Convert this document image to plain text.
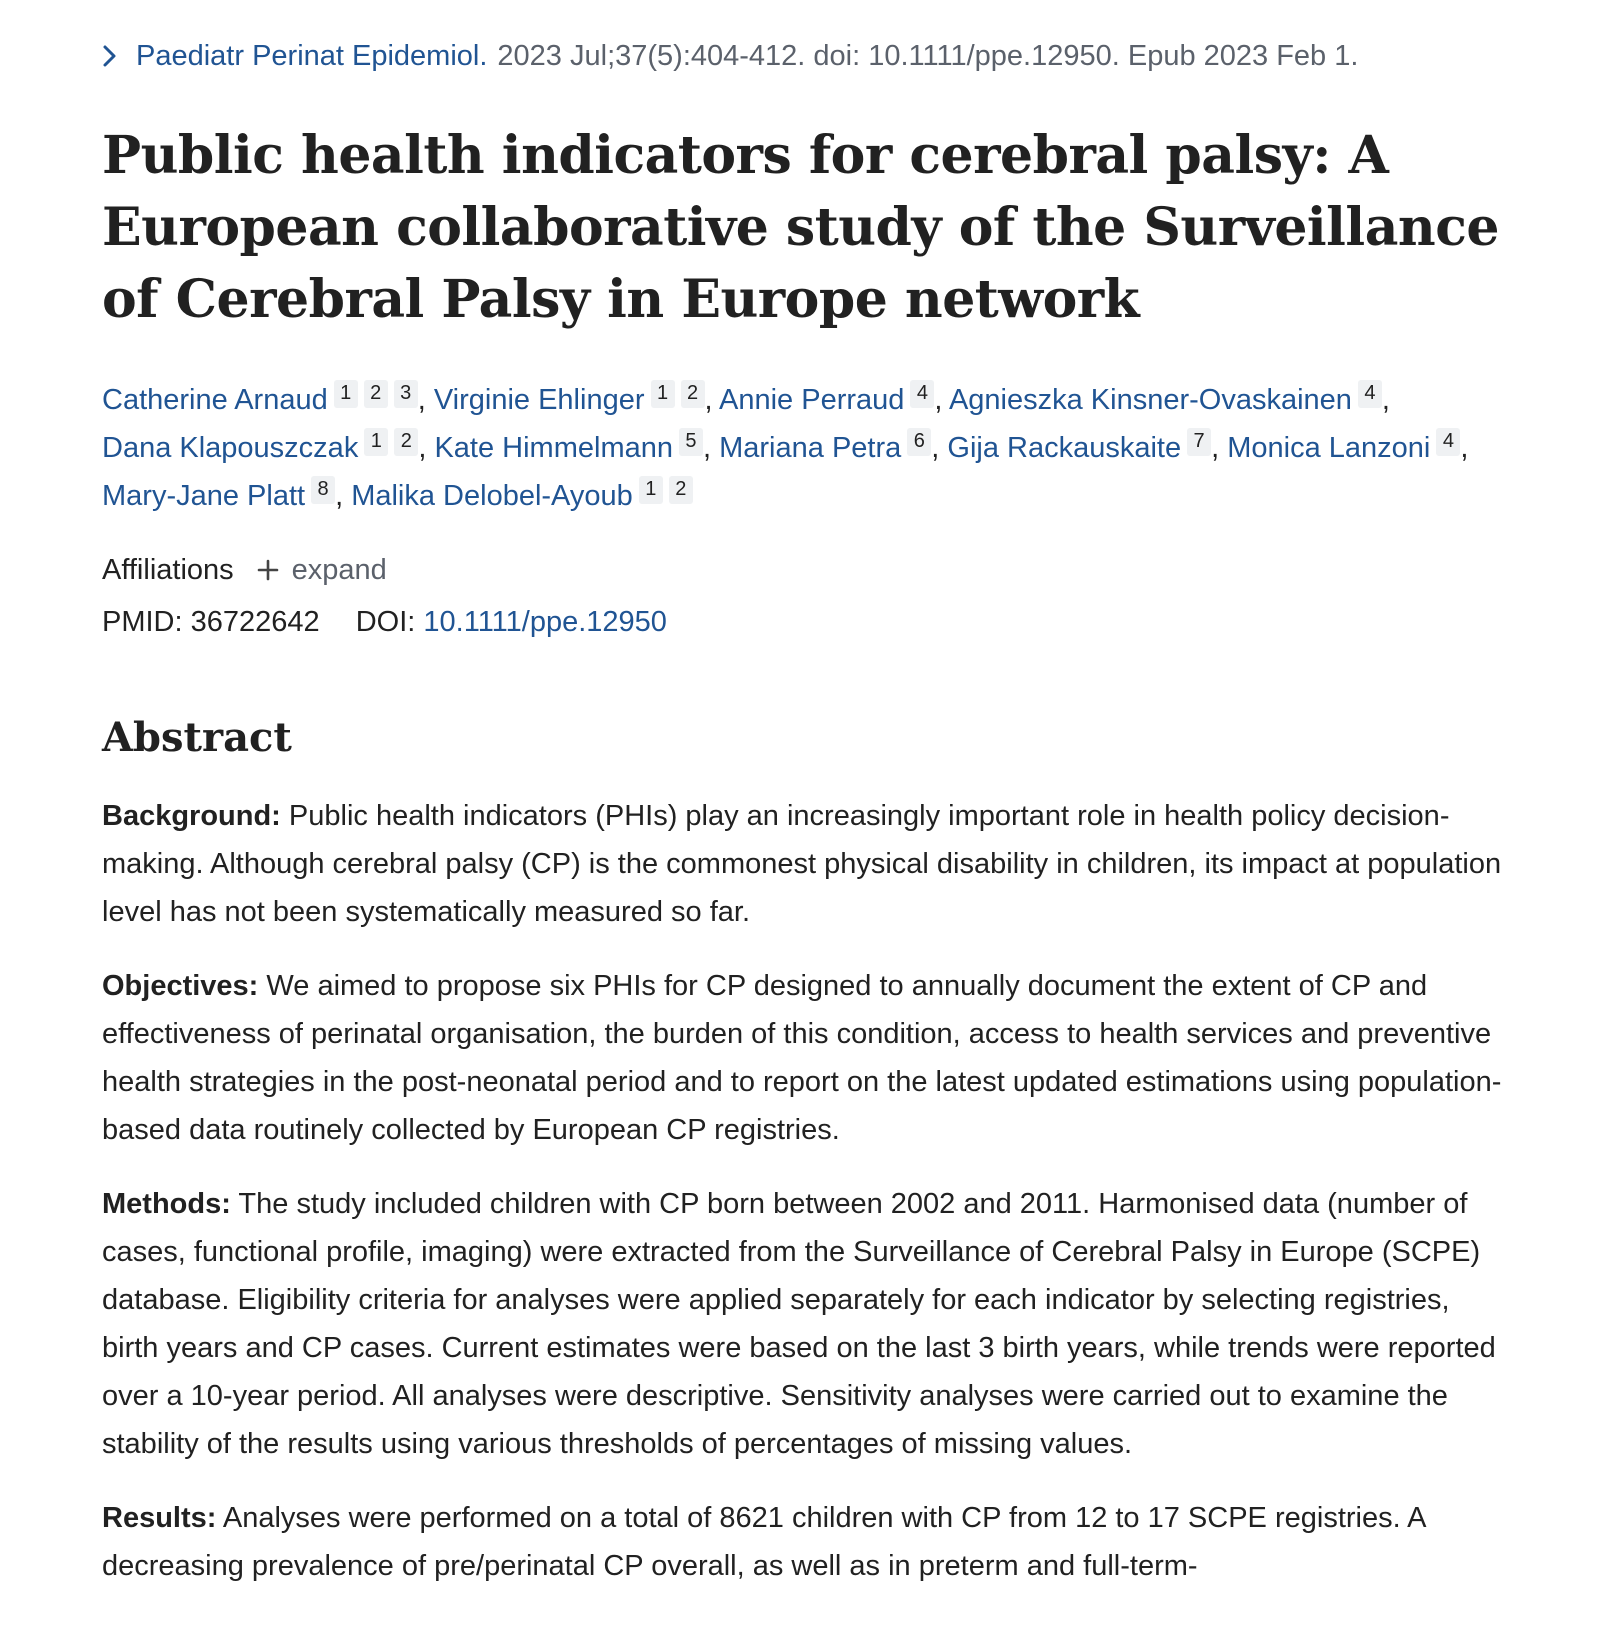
Paediatr Perinat Epidemiol. 2023 Jul;37(5):404-412. doi: 10.1111/ppe.12950. Epub 2023 Feb 1.
Public health indicators for cerebral palsy: A European collaborative study of the Surveillance of Cerebral Palsy in Europe network
Catherine Arnaud 1 2 3 , Virginie Ehlinger 1 2 , Annie Perraud 4 , Agnieszka Kinsner-Ovaskainen 4 , Dana Klapouszczak 1 2 , Kate Himmelmann 5 , Mariana Petra 6 , Gija Rackauskaite 7 , Monica Lanzoni 4 , Mary-Jane Platt 8 , Malika Delobel-Ayoub 1 2
Affiliations expand
PMID: 36722642 DOI: 10.1111/ppe.12950
Abstract

Background: Public health indicators (PHIs) play an increasingly important role in health policy decision-making. Although cerebral palsy (CP) is the commonest physical disability in children, its impact at population level has not been systematically measured so far.

Objectives: We aimed to propose six PHIs for CP designed to annually document the extent of CP and effectiveness of perinatal organisation, the burden of this condition, access to health services and preventive health strategies in the post-neonatal period and to report on the latest updated estimations using population-based data routinely collected by European CP registries.

Methods: The study included children with CP born between 2002 and 2011. Harmonised data (number of cases, functional profile, imaging) were extracted from the Surveillance of Cerebral Palsy in Europe (SCPE) database. Eligibility criteria for analyses were applied separately for each indicator by selecting registries, birth years and CP cases. Current estimates were based on the last 3 birth years, while trends were reported over a 10-year period. All analyses were descriptive. Sensitivity analyses were carried out to examine the stability of the results using various thresholds of percentages of missing values.

Results: Analyses were performed on a total of 8621 children with CP from 12 to 17 SCPE registries. A decreasing prevalence of pre/perinatal CP overall, as well as in preterm and full-term-
